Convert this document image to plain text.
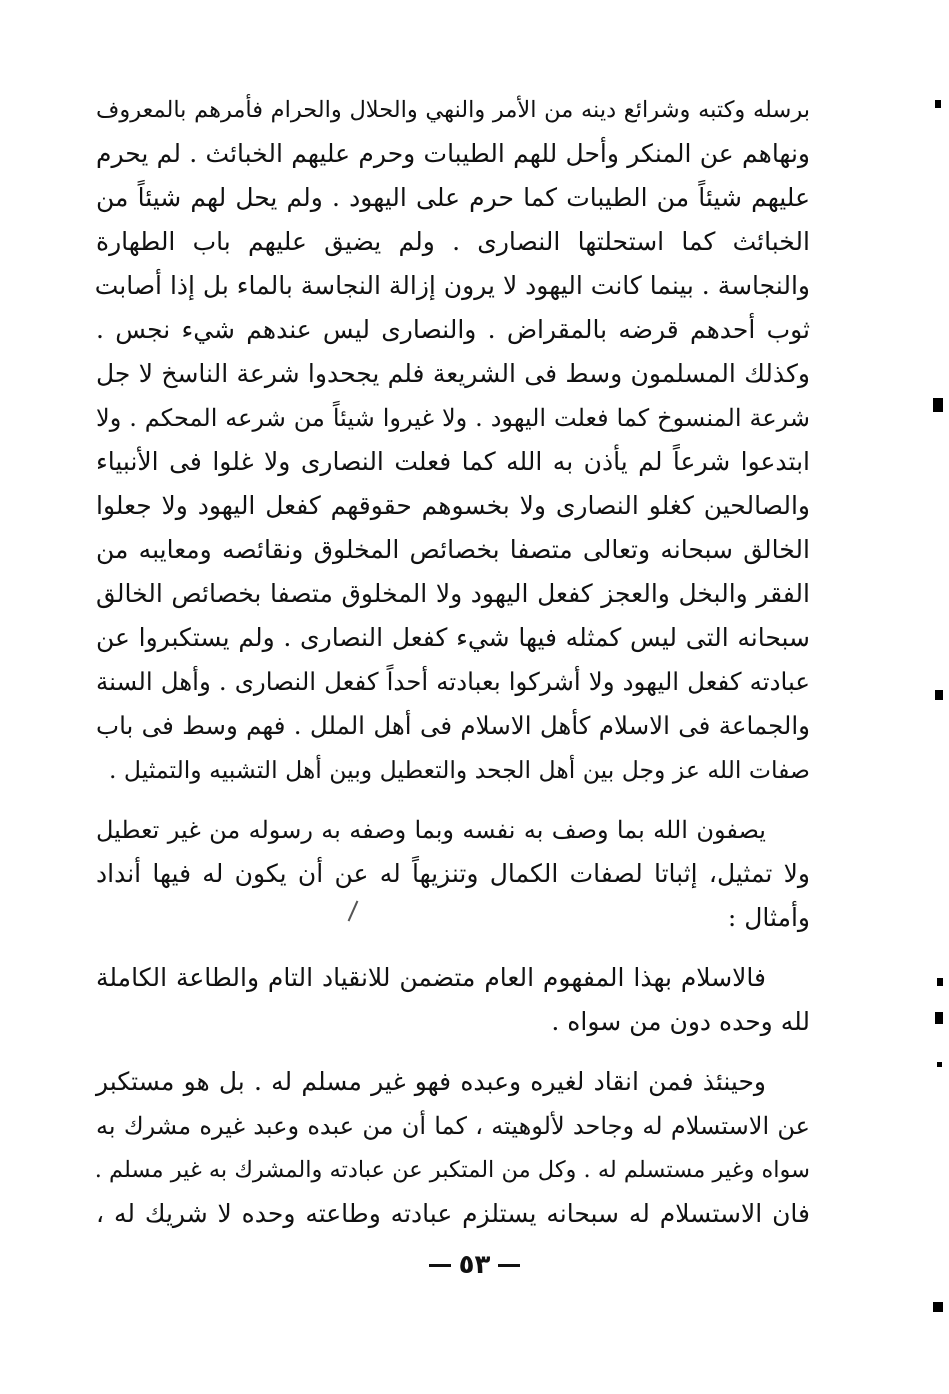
برسله وكتبه وشرائع دينه من الأمر والنهي والحلال والحرام فأمرهم بالمعروف
ونهاهم عن المنكر وأحل للهم الطيبات وحرم عليهم الخبائث . لم يحرم
عليهم شيئاً من الطيبات كما حرم على اليهود . ولم يحل لهم شيئاً من
الخبائث كما استحلتها النصارى . ولم يضيق عليهم باب الطهارة
والنجاسة . بينما كانت اليهود لا يرون إزالة النجاسة بالماء بل إذا أصابت
ثوب أحدهم قرضه بالمقراض . والنصارى ليس عندهم شيء نجس .
وكذلك المسلمون وسط فى الشريعة فلم يجحدوا شرعة الناسخ لا جل
شرعة المنسوخ كما فعلت اليهود . ولا غيروا شيئاً من شرعه المحكم . ولا
ابتدعوا شرعاً لم يأذن به الله كما فعلت النصارى ولا غلوا فى الأنبياء
والصالحين كغلو النصارى ولا بخسوهم حقوقهم كفعل اليهود ولا جعلوا
الخالق سبحانه وتعالى متصفا بخصائص المخلوق ونقائصه ومعايبه من
الفقر والبخل والعجز كفعل اليهود ولا المخلوق متصفا بخصائص الخالق
سبحانه التى ليس كمثله فيها شيء كفعل النصارى . ولم يستكبروا عن
عبادته كفعل اليهود ولا أشركوا بعبادته أحداً كفعل النصارى . وأهل السنة
والجماعة فى الاسلام كأهل الاسلام فى أهل الملل . فهم وسط فى باب
صفات الله عز وجل بين أهل الجحد والتعطيل وبين أهل التشبيه والتمثيل .
يصفون الله بما وصف به نفسه وبما وصفه به رسوله من غير تعطيل
ولا تمثيل، إثباتا لصفات الكمال وتنزيهاً له عن أن يكون له فيها أنداد
وأمثال :
فالاسلام بهذا المفهوم العام متضمن للانقياد التام والطاعة الكاملة
لله وحده دون من سواه .
وحينئذ فمن انقاد لغيره وعبده فهو غير مسلم له . بل هو مستكبر
عن الاستسلام له وجاحد لألوهيته ، كما أن من عبده وعبد غيره مشرك به
سواه وغير مستسلم له . وكل من المتكبر عن عبادته والمشرك به غير مسلم .
فان الاستسلام له سبحانه يستلزم عبادته وطاعته وحده لا شريك له ،
٥٣
